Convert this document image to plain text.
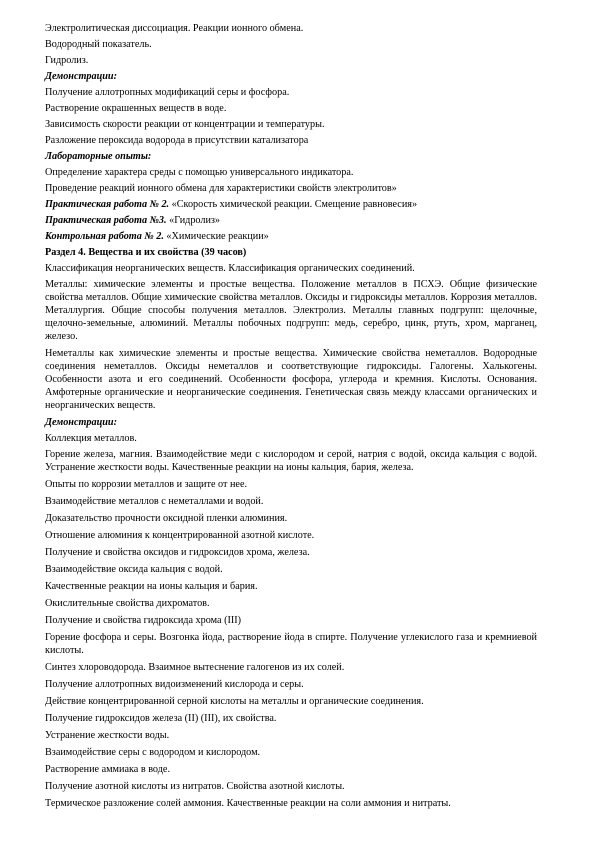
Электролитическая диссоциация. Реакции ионного обмена.

Водородный показатель.

Гидролиз.

Демонстрации:

Получение аллотропных модификаций серы и фосфора.

Растворение окрашенных веществ в воде.

Зависимость скорости реакции от концентрации и температуры.

Разложение пероксида водорода в присутствии катализатора

Лабораторные опыты:

Определение характера среды с помощью универсального индикатора.

Проведение реакций ионного обмена для характеристики свойств электролитов»

Практическая работа № 2. «Скорость химической реакции. Смещение равновесия»

Практическая работа №3. «Гидролиз»

Контрольная работа № 2. «Химические реакции»

Раздел 4. Вещества и их свойства (39 часов)

Классификация неорганических веществ. Классификация органических соединений.

Металлы: химические элементы и простые вещества. Положение металлов в ПСХЭ. Общие физические свойства металлов. Общие химические свойства металлов. Оксиды и гидроксиды металлов. Коррозия металлов. Металлургия. Общие способы получения металлов. Электролиз. Металлы главных подгрупп: щелочные, щелочно-земельные, алюминий. Металлы побочных подгрупп: медь, серебро, цинк, ртуть, хром, марганец, железо.

Неметаллы как химические элементы и простые вещества. Химические свойства неметаллов. Водородные соединения неметаллов. Оксиды неметаллов и соответствующие гидроксиды. Галогены. Халькогены. Особенности азота и его соединений. Особенности фосфора, углерода и кремния. Кислоты. Основания. Амфотерные органические и неорганические соединения. Генетическая связь между классами органических и неорганических веществ.

Демонстрации:

Коллекция металлов.

Горение железа, магния. Взаимодействие меди с кислородом и серой, натрия с водой, оксида кальция с водой. Устранение жесткости воды. Качественные реакции на ионы кальция, бария, железа.

Опыты по коррозии металлов и защите от нее.

Взаимодействие металлов с неметаллами и водой.

Доказательство прочности оксидной пленки алюминия.

Отношение алюминия к концентрированной азотной кислоте.

Получение и свойства оксидов и гидроксидов хрома, железа.

Взаимодействие оксида кальция с водой.

Качественные реакции на ионы кальция и бария.

Окислительные свойства дихроматов.

Получение и свойства гидроксида хрома (III)

Горение фосфора и серы. Возгонка йода, растворение йода в спирте. Получение углекислого газа и кремниевой кислоты.

Синтез хлороводорода. Взаимное вытеснение галогенов из их солей.

Получение аллотропных видоизменений кислорода и серы.

Действие концентрированной серной кислоты на металлы и органические соединения.

Получение гидроксидов железа (II) (III), их свойства.

Устранение жесткости воды.

Взаимодействие серы с водородом и кислородом.

Растворение аммиака в воде.

Получение азотной кислоты из нитратов. Свойства азотной кислоты.

Термическое разложение солей аммония. Качественные реакции на соли аммония и нитраты.
